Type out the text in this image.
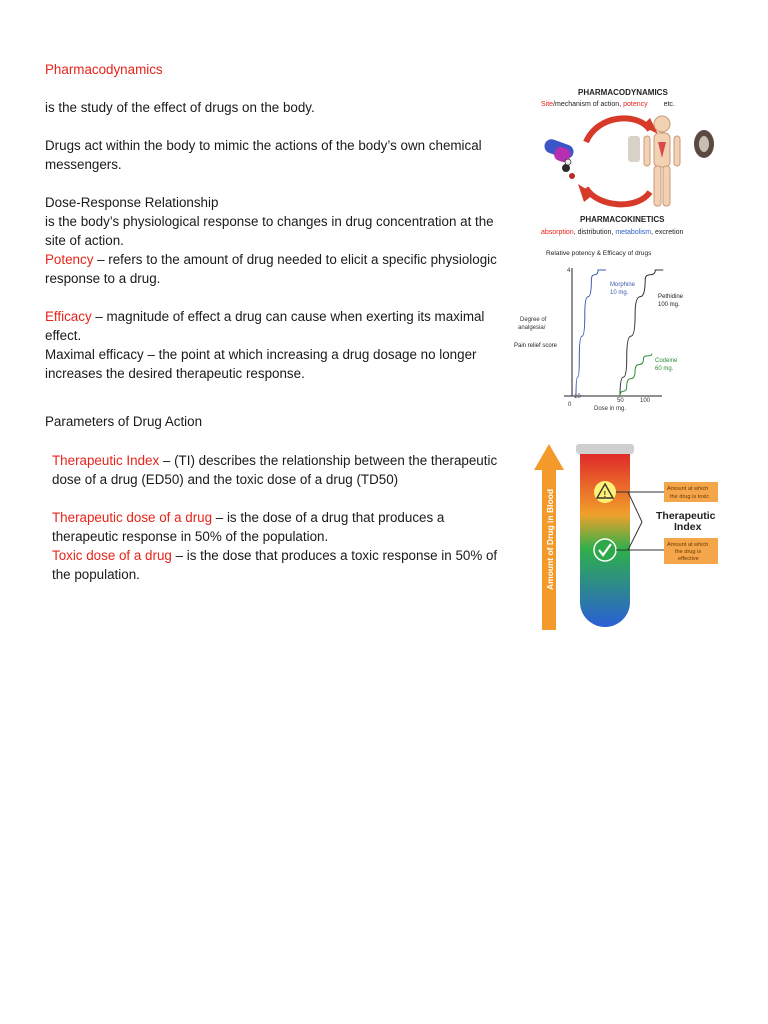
Pharmacodynamics
is the study of the effect of drugs on the body.
Drugs act within the body to mimic the actions of the body’s own chemical messengers.

Dose-Response Relationship

is the body’s physiological response to changes in drug concentration at the site of action.

Potency – refers to the amount of drug needed to elicit a specific physiologic response to a drug.

Efficacy – magnitude of effect a drug can cause when exerting its maximal effect.

Maximal efficacy – the point at which increasing a drug dosage no longer increases the desired therapeutic response.

Parameters of Drug Action
Therapeutic Index – (TI) describes the relationship between the therapeutic dose of a drug (ED50) and the toxic dose of a drug (TD50)

Therapeutic dose of a drug – is the dose of a drug that produces a therapeutic response in 50% of the population.

Toxic dose of a drug – is the dose that produces a toxic response in 50% of the population.

PHARMACODYNAMICS
Site/mechanism of action, potency etc.
PHARMACOKINETICS
absorption, distribution, metabolism, excretion
Relative potency & Efficacy of drugs
Degree of
analgesia/
Pain relief score
4
0
10
50	100
Dose in mg.
Morphine
10 mg.
Pethidine
100 mg.
Codeine
60 mg.
Amount of Drug in Blood	!
Amount at which
the drug is toxic
Amount at which
the drug is
effective
Therapeutic
Index
